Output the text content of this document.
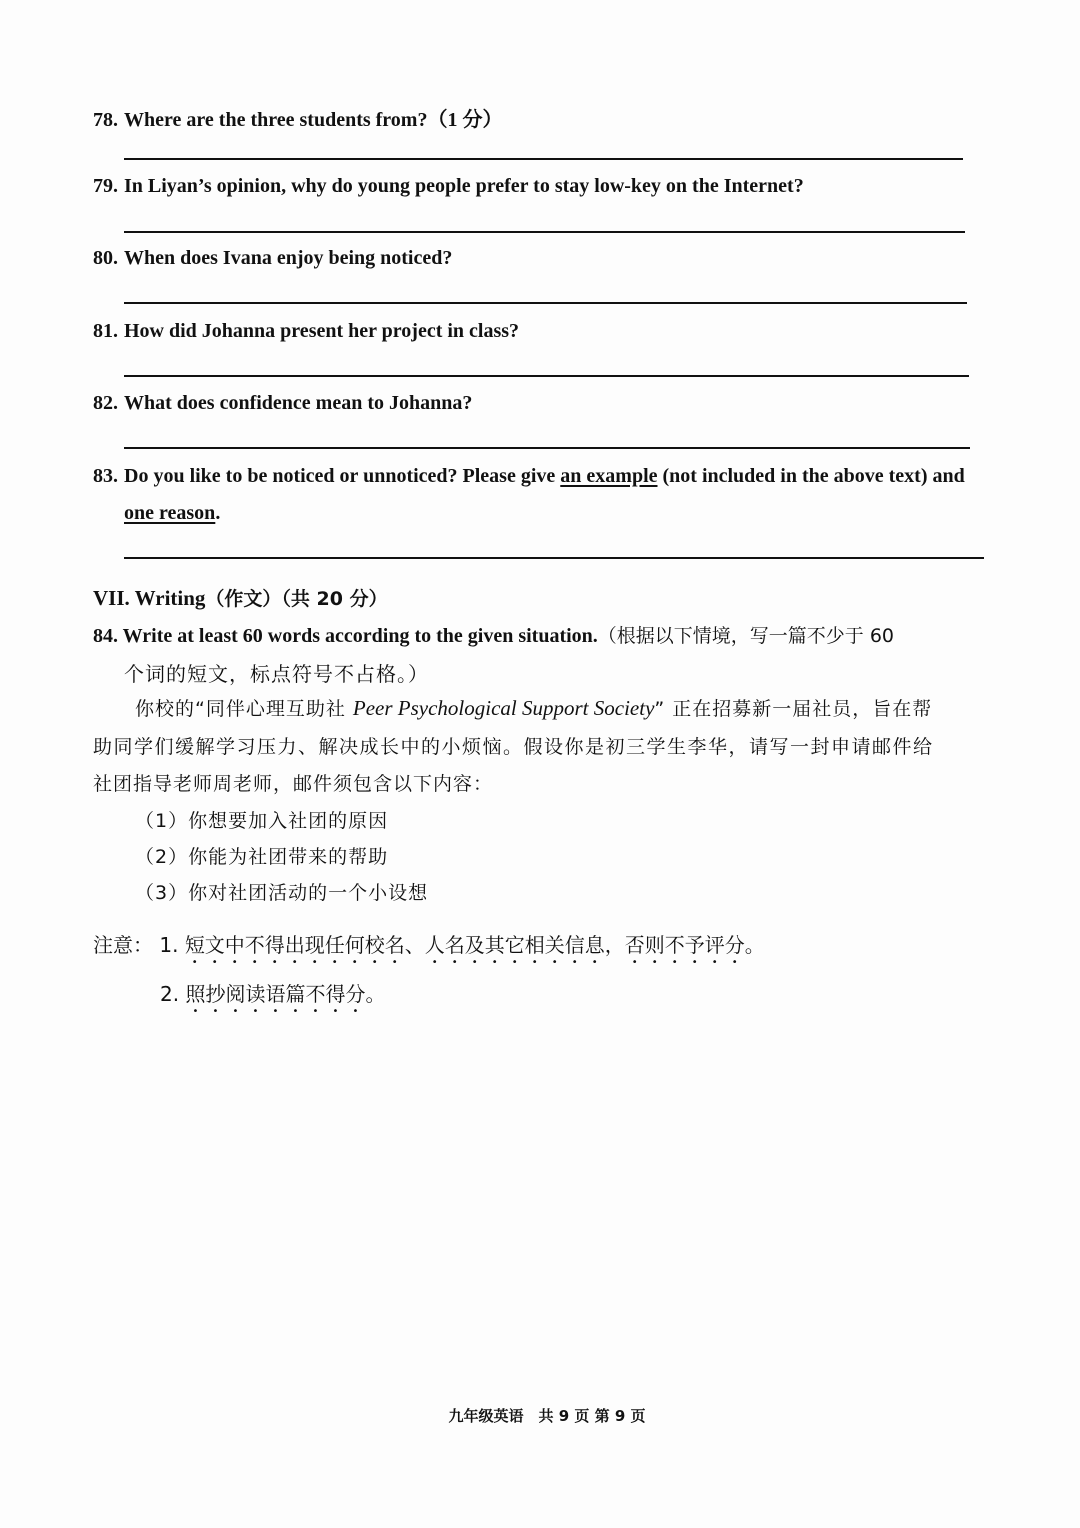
78. Where are the three students from?（1 分）
79. In Liyan’s opinion, why do young people prefer to stay low-key on the Internet?
80. When does Ivana enjoy being noticed?
81. How did Johanna present her project in class?
82. What does confidence mean to Johanna?
83. Do you like to be noticed or unnoticed? Please give an example (not included in the above text) and
one reason.
VII. Writing（作文）（共 20 分）
84. Write at least 60 words according to the given situation.（根据以下情境，写一篇不少于 60
个词的短文，标点符号不占格。）
你校的“同伴心理互助社 Peer Psychological Support Society” 正在招募新一届社员，旨在帮
助同学们缓解学习压力、解决成长中的小烦恼。假设你是初三学生李华，请写一封申请邮件给
社团指导老师周老师，邮件须包含以下内容：
（1）你想要加入社团的原因
（2）你能为社团带来的帮助
（3）你对社团活动的一个小设想
注意： 1. 短文中不得出现任何校名、人名及其它相关信息，否则不予评分。
2. 照抄阅读语篇不得分。
九年级英语　共 9 页 第 9 页
